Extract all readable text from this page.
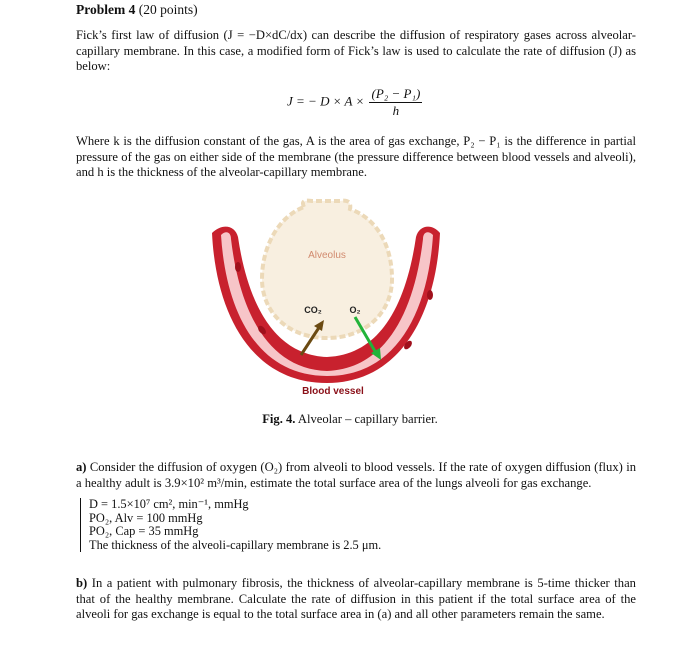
Problem 4 (20 points)
Fick’s first law of diffusion (J = −D×dC/dx) can describe the diffusion of respiratory gases across alveolar-capillary membrane. In this case, a modified form of Fick’s law is used to calculate the rate of diffusion (J) as below:
J = − $D \times A \times \frac{\text{(P₂ − P₁)}}{h}$
Where k is the diffusion constant of the gas, A is the area of gas exchange, P₂ − P₁ is the difference in partial pressure of the gas on either side of the membrane (the pressure difference between blood vessels and alveoli), and h is the thickness of the alveolar-capillary membrane.
Alveolus
CO₂	O₂
Blood vessel
Fig. 4. Alveolar – capillary barrier.
a) Consider the diffusion of oxygen (O₂) from alveoli to blood vessels. If the rate of oxygen diffusion (flux) in a healthy adult is 3.9×10² m³/min, estimate the total surface area of the lungs alveoli for gas exchange.
D = 1.5×10⁷ cm², min⁻¹, mmHg
PO₂, Alv = 100 mmHg
PO₂, Cap = 35 mmHg
The thickness of the alveoli-capillary membrane is 2.5 μm.
b) In a patient with pulmonary fibrosis, the thickness of alveolar-capillary membrane is 5-time thicker than that of the healthy membrane. Calculate the rate of diffusion in this patient if the total surface area of the alveoli for gas exchange is equal to the total surface area in (a) and all other parameters remain the same.
